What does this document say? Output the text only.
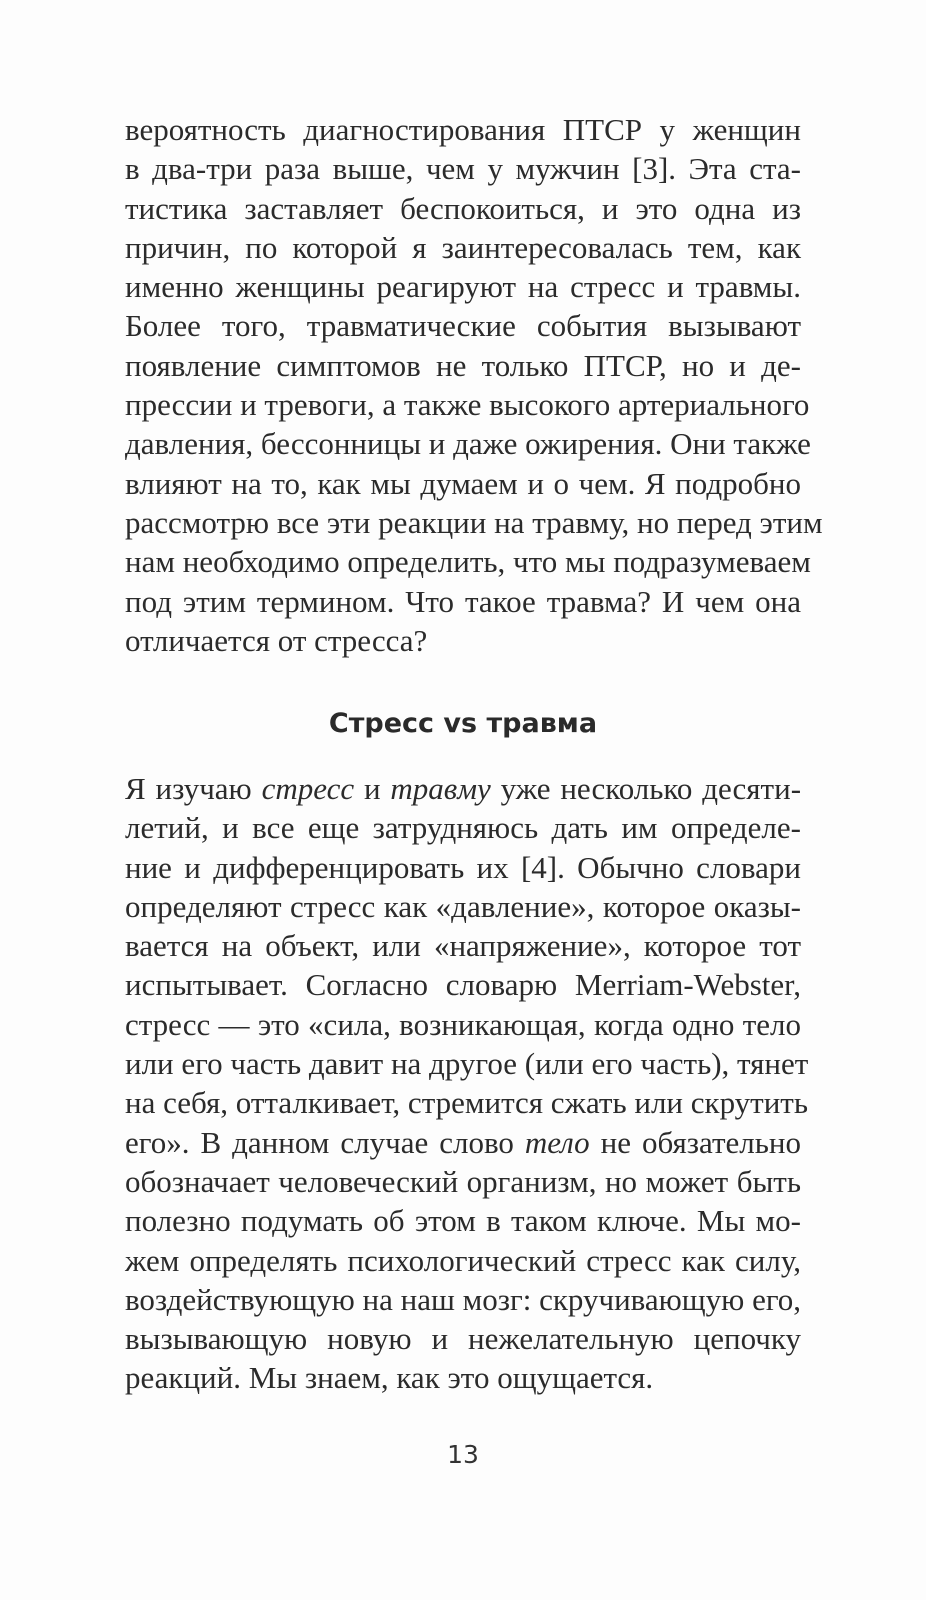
вероятность диагностирования ПТСР у женщин
в два-три раза выше, чем у мужчин [3]. Эта ста-
тистика заставляет беспокоиться, и это одна из
причин, по которой я заинтересовалась тем, как
именно женщины реагируют на стресс и травмы.
Более того, травматические события вызывают
появление симптомов не только ПТСР, но и де-
прессии и тревоги, а также высокого артериального
давления, бессонницы и даже ожирения. Они также
влияют на то, как мы думаем и о чем. Я подробно
рассмотрю все эти реакции на травму, но перед этим
нам необходимо определить, что мы подразумеваем
под этим термином. Что такое травма? И чем она
отличается от стресса?
Стресс vs травма
Я изучаю стресс и травму уже несколько десяти-
летий, и все еще затрудняюсь дать им определе-
ние и дифференцировать их [4]. Обычно словари
определяют стресс как «давление», которое оказы-
вается на объект, или «напряжение», которое тот
испытывает. Согласно словарю Merriam-Webster,
стресс — это «сила, возникающая, когда одно тело
или его часть давит на другое (или его часть), тянет
на себя, отталкивает, стремится сжать или скрутить
его». В данном случае слово тело не обязательно
обозначает человеческий организм, но может быть
полезно подумать об этом в таком ключе. Мы мо-
жем определять психологический стресс как силу,
воздействующую на наш мозг: скручивающую его,
вызывающую новую и нежелательную цепочку
реакций. Мы знаем, как это ощущается.
13
